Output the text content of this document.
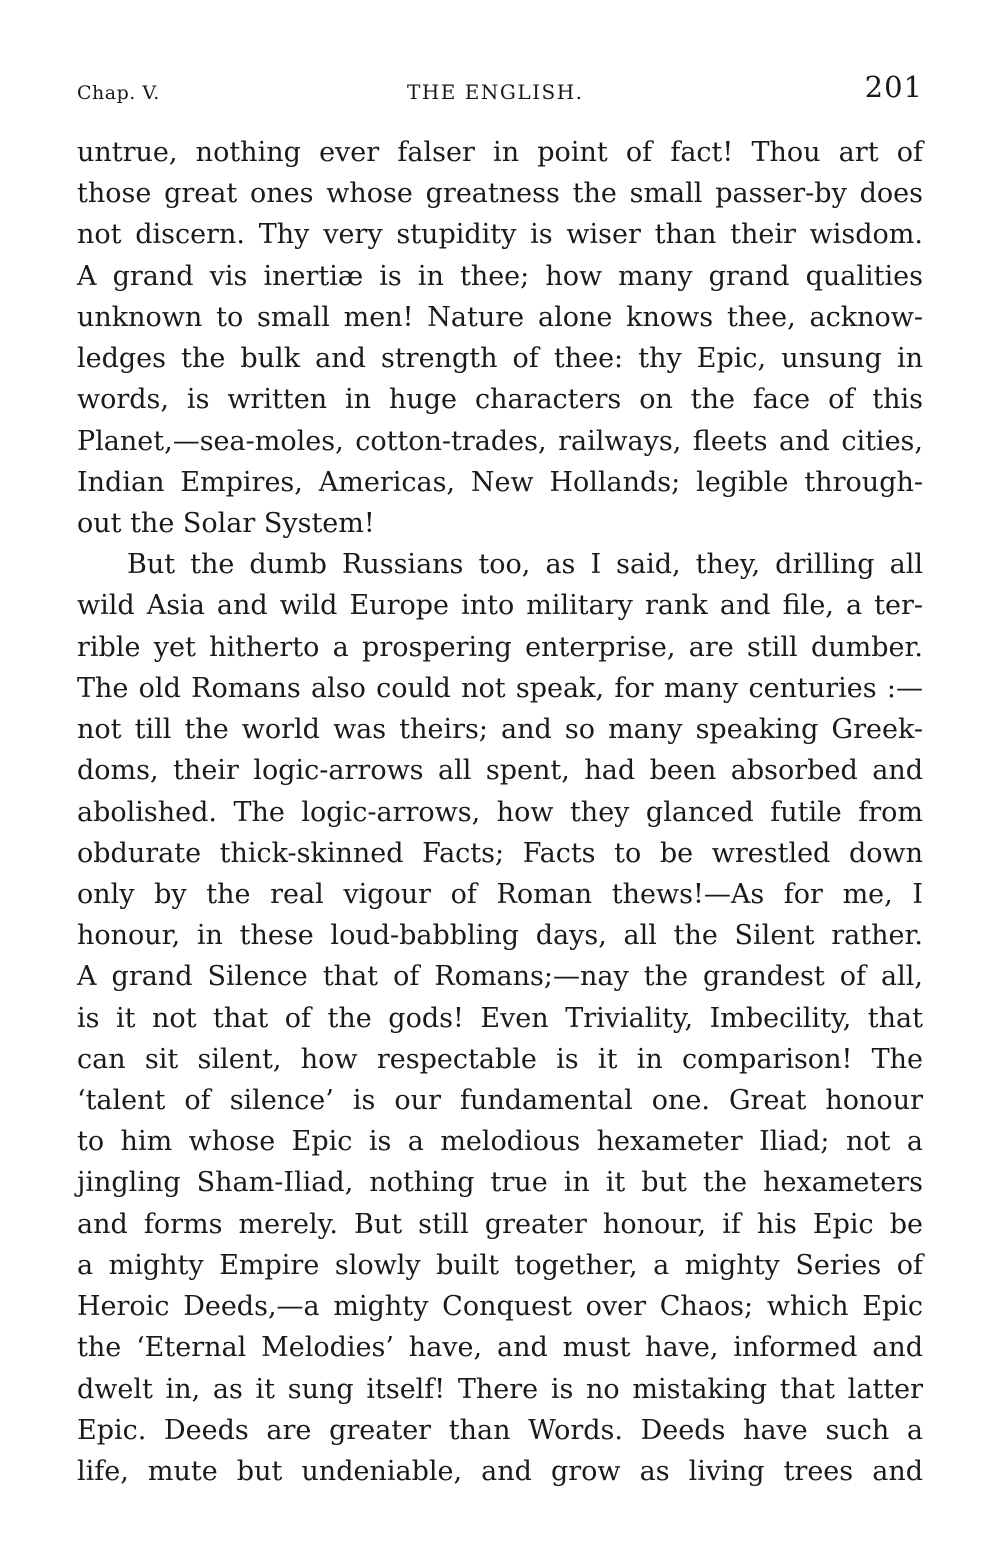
Chap. V.	THE ENGLISH.	201
untrue, nothing ever falser in point of fact! Thou art of
those great ones whose greatness the small passer-by does
not discern. Thy very stupidity is wiser than their wisdom.
A grand vis inertiæ is in thee; how many grand qualities
unknown to small men! Nature alone knows thee, acknow-
ledges the bulk and strength of thee: thy Epic, unsung in
words, is written in huge characters on the face of this
Planet,—sea-moles, cotton-trades, railways, fleets and cities,
Indian Empires, Americas, New Hollands; legible through-
out the Solar System!
But the dumb Russians too, as I said, they, drilling all
wild Asia and wild Europe into military rank and file, a ter-
rible yet hitherto a prospering enterprise, are still dumber.
The old Romans also could not speak, for many centuries :—
not till the world was theirs; and so many speaking Greek-
doms, their logic-arrows all spent, had been absorbed and
abolished. The logic-arrows, how they glanced futile from
obdurate thick-skinned Facts; Facts to be wrestled down
only by the real vigour of Roman thews!—As for me, I
honour, in these loud-babbling days, all the Silent rather.
A grand Silence that of Romans;—nay the grandest of all,
is it not that of the gods! Even Triviality, Imbecility, that
can sit silent, how respectable is it in comparison! The
‘talent of silence’ is our fundamental one. Great honour
to him whose Epic is a melodious hexameter Iliad; not a
jingling Sham-Iliad, nothing true in it but the hexameters
and forms merely. But still greater honour, if his Epic be
a mighty Empire slowly built together, a mighty Series of
Heroic Deeds,—a mighty Conquest over Chaos; which Epic
the ‘Eternal Melodies’ have, and must have, informed and
dwelt in, as it sung itself! There is no mistaking that latter
Epic. Deeds are greater than Words. Deeds have such a
life, mute but undeniable, and grow as living trees and
